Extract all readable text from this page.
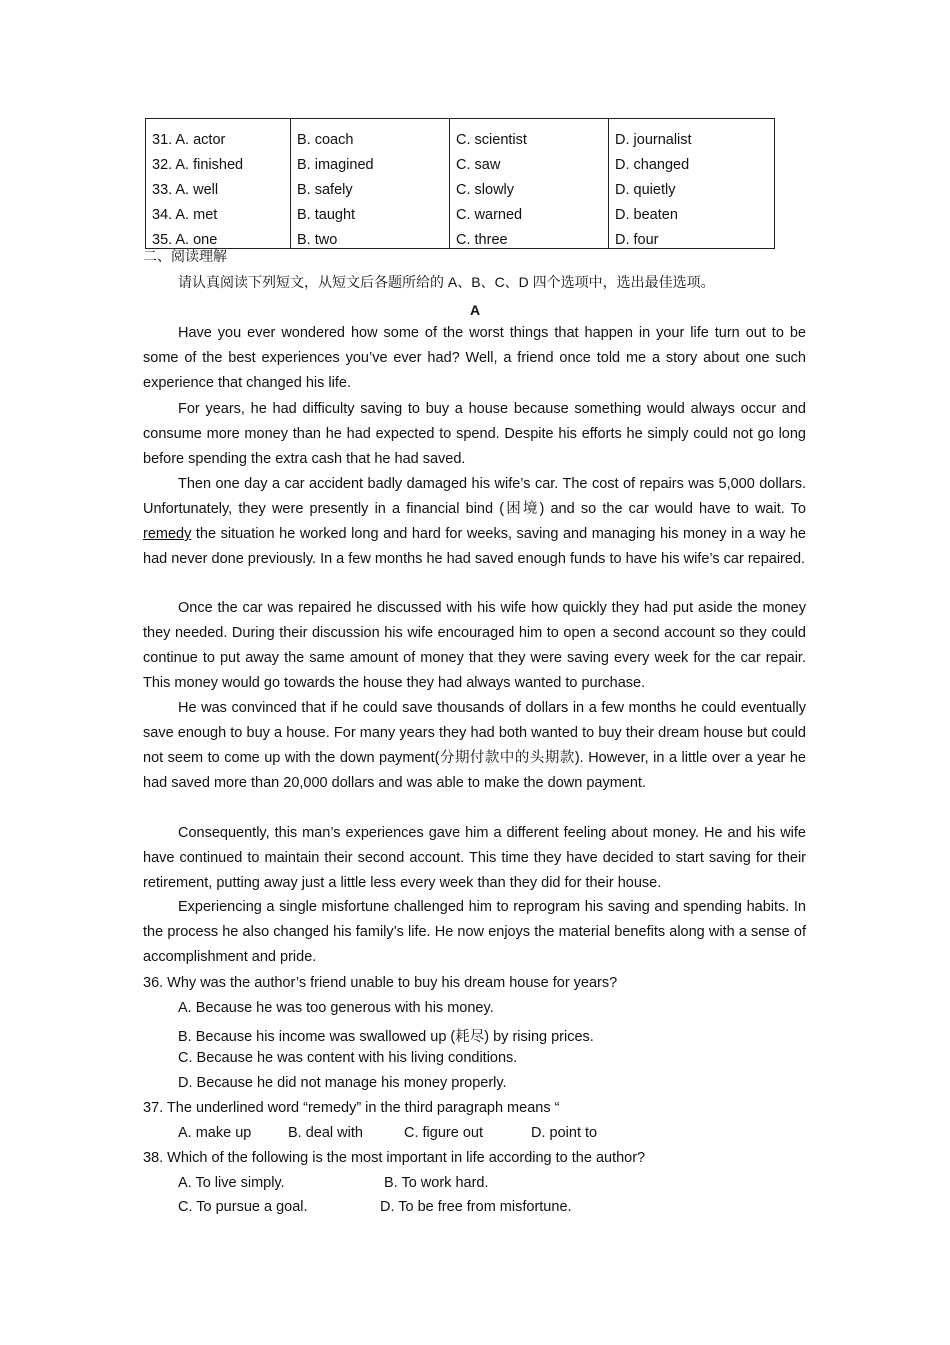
31. A. actor	B. coach	C. scientist	D. journalist
32. A. finished	B. imagined	C. saw	D. changed
33. A. well	B. safely	C. slowly	D. quietly
34. A. met	B. taught	C. warned	D. beaten
35. A. one	B. two	C. three	D. four
二、阅读理解
请认真阅读下列短文，从短文后各题所给的 A、B、C、D 四个选项中，选出最佳选项。
A

Have you ever wondered how some of the worst things that happen in your life turn out to be some of the best experiences you’ve ever had? Well, a friend once told me a story about one such experience that changed his life.

For years, he had difficulty saving to buy a house because something would always occur and consume more money than he had expected to spend. Despite his efforts he simply could not go long before spending the extra cash that he had saved.

Then one day a car accident badly damaged his wife’s car. The cost of repairs was 5,000 dollars. Unfortunately, they were presently in a financial bind (困境) and so the car would have to wait. To remedy the situation he worked long and hard for weeks, saving and managing his money in a way he had never done previously. In a few months he had saved enough funds to have his wife’s car repaired.

Once the car was repaired he discussed with his wife how quickly they had put aside the money they needed. During their discussion his wife encouraged him to open a second account so they could continue to put away the same amount of money that they were saving every week for the car repair. This money would go towards the house they had always wanted to purchase.

He was convinced that if he could save thousands of dollars in a few months he could eventually save enough to buy a house. For many years they had both wanted to buy their dream house but could not seem to come up with the down payment(分期付款中的头期款). However, in a little over a year he had saved more than 20,000 dollars and was able to make the down payment.

Consequently, this man’s experiences gave him a different feeling about money. He and his wife have continued to maintain their second account. This time they have decided to start saving for their retirement, putting away just a little less every week than they did for their house.

Experiencing a single misfortune challenged him to reprogram his saving and spending habits. In the process he also changed his family’s life. He now enjoys the material benefits along with a sense of accomplishment and pride.

36. Why was the author’s friend unable to buy his dream house for years?
A. Because he was too generous with his money.
B. Because his income was swallowed up (耗尽) by rising prices.
C. Because he was content with his living conditions.
D. Because he did not manage his money properly.
37. The underlined word “remedy” in the third paragraph means “
A. make up	B. deal with	C. figure out	D. point to
38. Which of the following is the most important in life according to the author?
A. To live simply.	B. To work hard.
C. To pursue a goal.	D. To be free from misfortune.
